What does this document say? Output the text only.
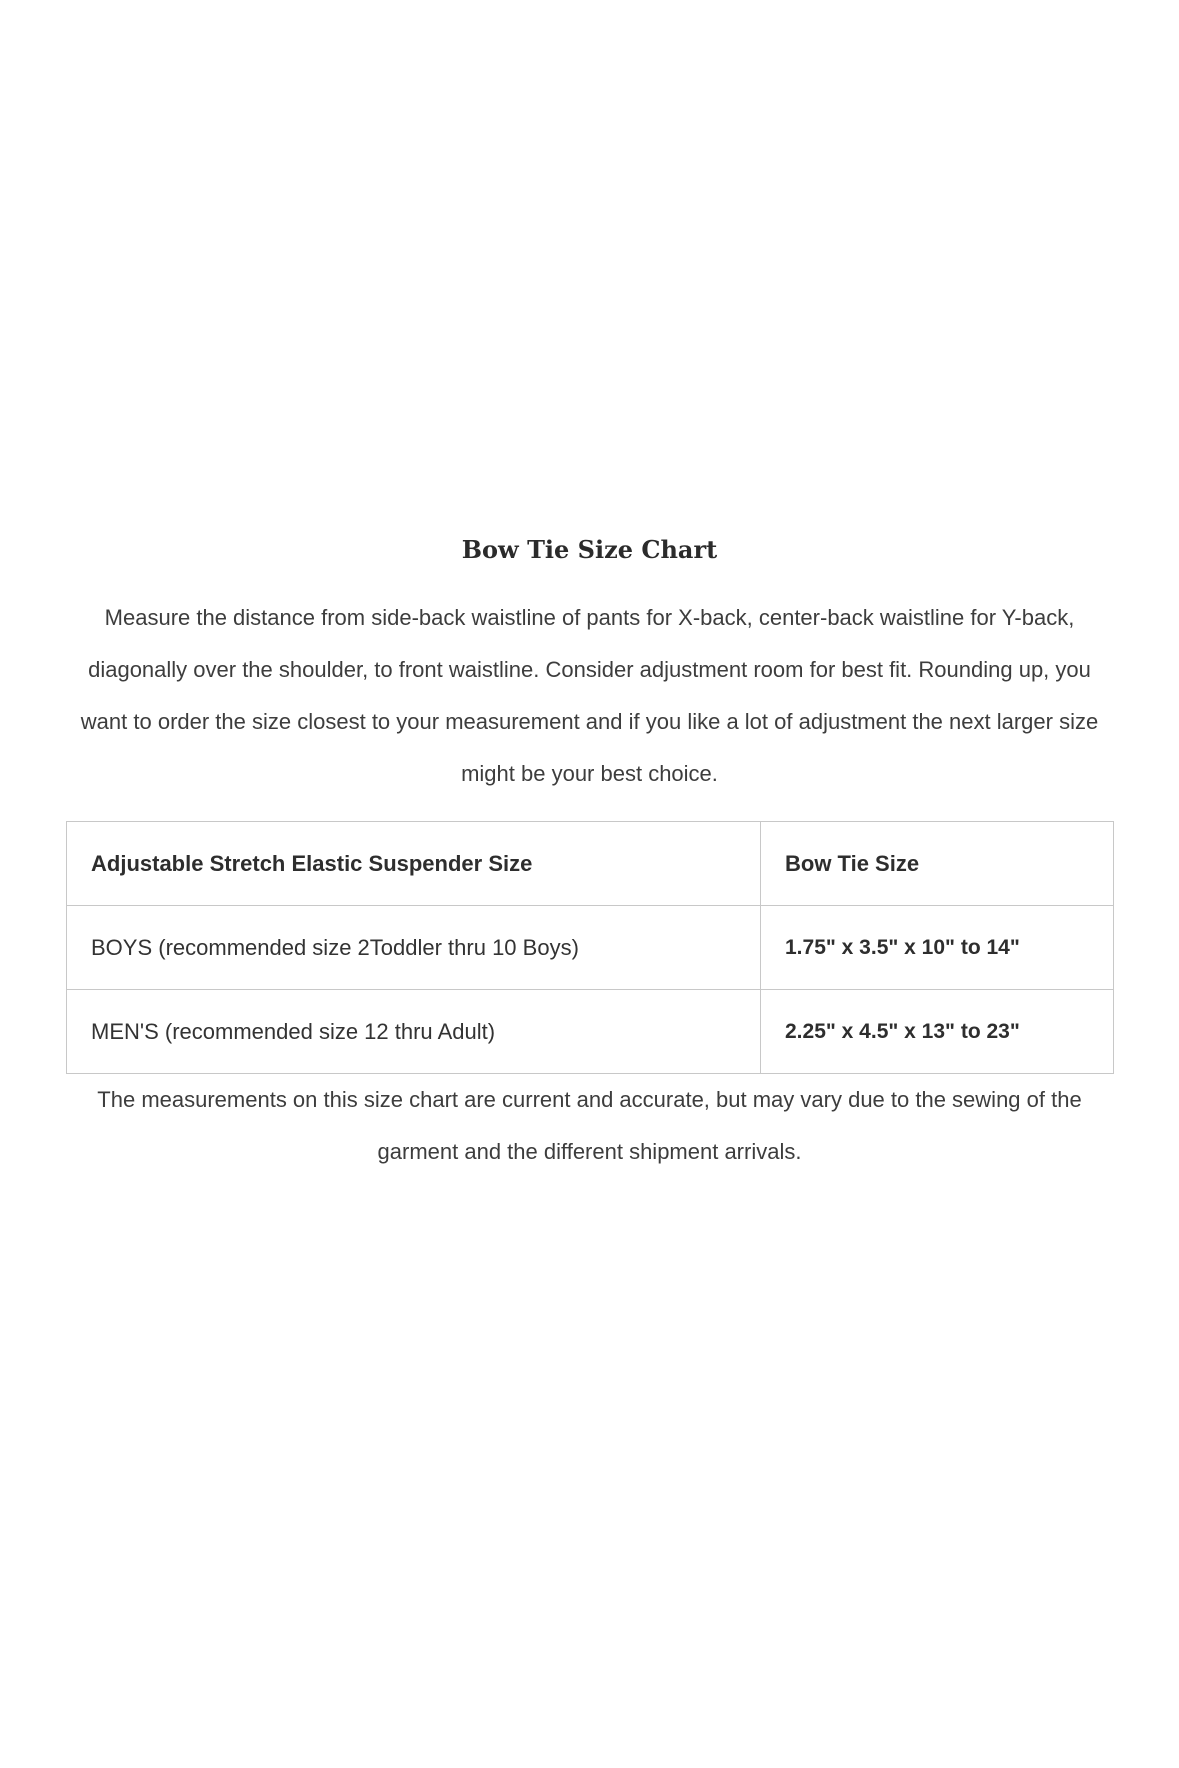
Bow Tie Size Chart

Measure the distance from side-back waistline of pants for X-back, center-back waistline for Y-back, diagonally over the shoulder, to front waistline. Consider adjustment room for best fit. Rounding up, you want to order the size closest to your measurement and if you like a lot of adjustment the next larger size might be your best choice.

Adjustable Stretch Elastic Suspender Size	Bow Tie Size
BOYS (recommended size 2Toddler thru 10 Boys)	1.75" x 3.5" x 10" to 14"
MEN'S (recommended size 12 thru Adult)	2.25" x 4.5" x 13" to 23"

The measurements on this size chart are current and accurate, but may vary due to the sewing of the garment and the different shipment arrivals.
